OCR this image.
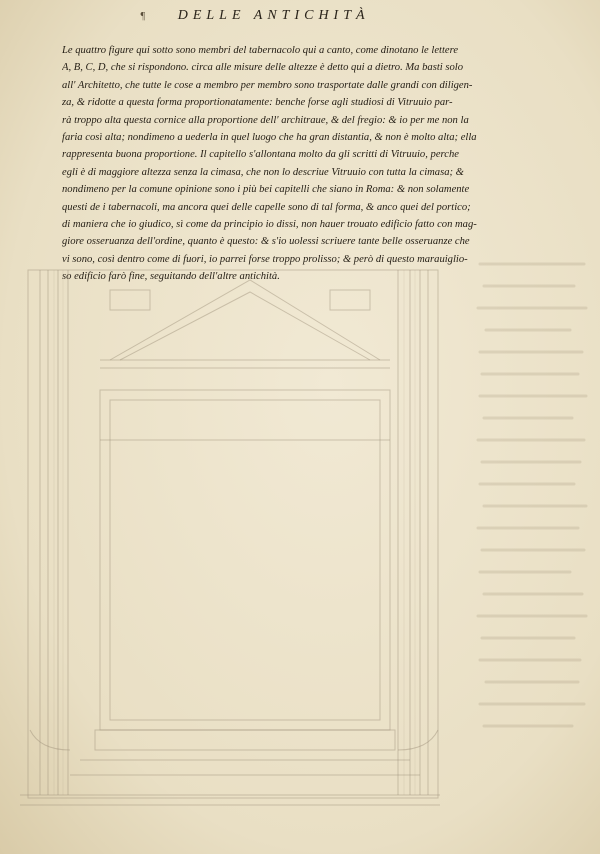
¶ DELLE ANTICHITÀ
Le quattro figure qui sotto sono membri del tabernacolo qui a canto, come dinotano le lettere
A, B, C, D, che si rispondono. circa alle misure delle altezze è detto qui a dietro. Ma basti solo
all' Architetto, che tutte le cose a membro per membro sono trasportate dalle grandi con diligen-
za, & ridotte a questa forma proportionatamente: benche forse agli studiosi di Vitruuio par-
rà troppo alta questa cornice alla proportione dell' architraue, & del fregio: & io per me non la
faria così alta; nondimeno a uederla in quel luogo che ha gran distantia, & non è molto alta; ella
rappresenta buona proportione. Il capitello s'allontana molto da gli scritti di Vitruuio, perche
egli è di maggiore altezza senza la cimasa, che non lo descriue Vitruuio con tutta la cimasa; &
nondimeno per la comune opinione sono i più bei capitelli che siano in Roma: & non solamente
questi de i tabernacoli, ma ancora quei delle capelle sono di tal forma, & anco quei del portico;
di maniera che io giudico, sì come da principio io dissi, non hauer trouato edificio fatto con mag-
giore osseruanza dell'ordine, quanto è questo: & s'io uolessi scriuere tante belle osseruanze che
vi sono, così dentro come di fuori, io parrei forse troppo prolisso; & però di questo marauiglio-
so edificio farò fine, seguitando dell'altre antichità.
